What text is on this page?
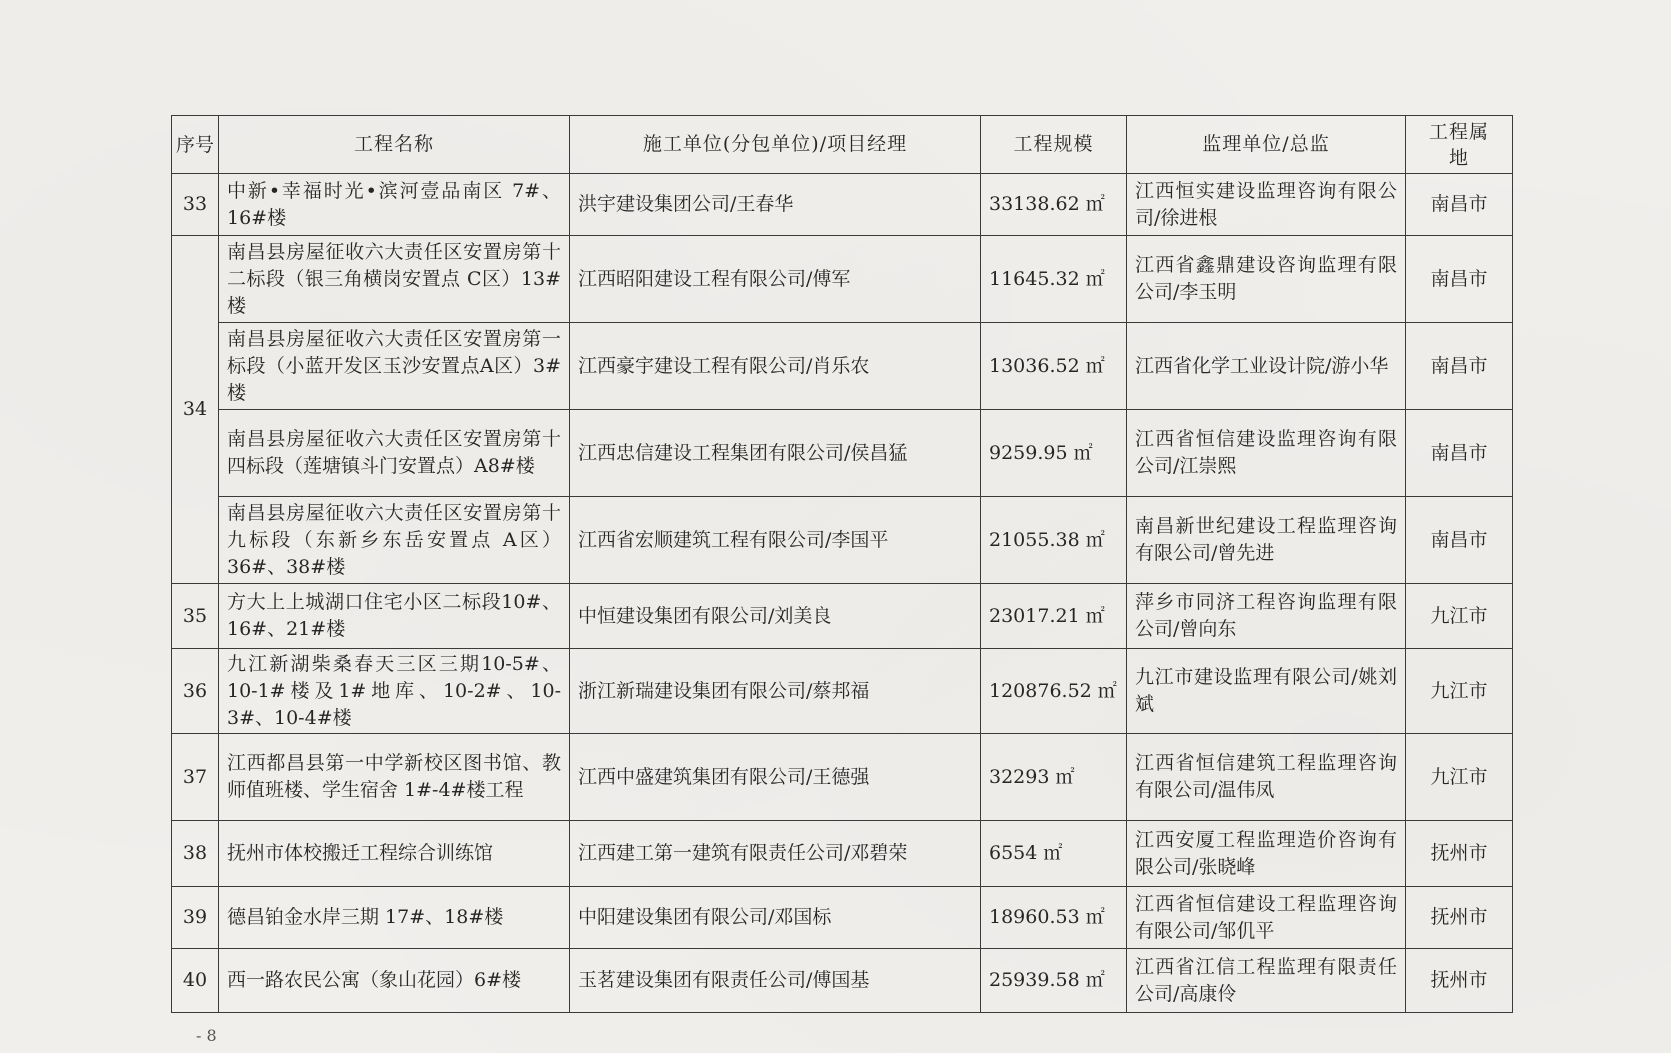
序号	工程名称	施工单位(分包单位)/项目经理	工程规模	监理单位/总监	工程属地
33	中新•幸福时光•滨河壹品南区 7#、16#楼	洪宇建设集团公司/王春华	33138.62 ㎡	江西恒实建设监理咨询有限公司/徐进根	南昌市
34	南昌县房屋征收六大责任区安置房第十二标段（银三角横岗安置点 C区）13#楼	江西昭阳建设工程有限公司/傅军	11645.32 ㎡	江西省鑫鼎建设咨询监理有限公司/李玉明	南昌市
	南昌县房屋征收六大责任区安置房第一标段（小蓝开发区玉沙安置点A区）3#楼	江西豪宇建设工程有限公司/肖乐农	13036.52 ㎡	江西省化学工业设计院/游小华	南昌市
	南昌县房屋征收六大责任区安置房第十四标段（莲塘镇斗门安置点）A8#楼	江西忠信建设工程集团有限公司/侯昌猛	9259.95 ㎡	江西省恒信建设监理咨询有限公司/江崇熙	南昌市
	南昌县房屋征收六大责任区安置房第十九标段（东新乡东岳安置点 A区）36#、38#楼	江西省宏顺建筑工程有限公司/李国平	21055.38 ㎡	南昌新世纪建设工程监理咨询有限公司/曾先进	南昌市
35	方大上上城湖口住宅小区二标段10#、16#、21#楼	中恒建设集团有限公司/刘美良	23017.21 ㎡	萍乡市同济工程咨询监理有限公司/曾向东	九江市
36	九江新湖柴桑春天三区三期10-5#、10-1#楼及1#地库、10-2#、10-3#、10-4#楼	浙江新瑞建设集团有限公司/蔡邦福	120876.52 ㎡	九江市建设监理有限公司/姚刘斌	九江市
37	江西都昌县第一中学新校区图书馆、教师值班楼、学生宿舍 1#-4#楼工程	江西中盛建筑集团有限公司/王德强	32293 ㎡	江西省恒信建筑工程监理咨询有限公司/温伟凤	九江市
38	抚州市体校搬迁工程综合训练馆	江西建工第一建筑有限责任公司/邓碧荣	6554 ㎡	江西安厦工程监理造价咨询有限公司/张晓峰	抚州市
39	德昌铂金水岸三期 17#、18#楼	中阳建设集团有限公司/邓国标	18960.53 ㎡	江西省恒信建设工程监理咨询有限公司/邹仉平	抚州市
40	西一路农民公寓（象山花园）6#楼	玉茗建设集团有限责任公司/傅国基	25939.58 ㎡	江西省江信工程监理有限责任公司/高康伶	抚州市
- 8
